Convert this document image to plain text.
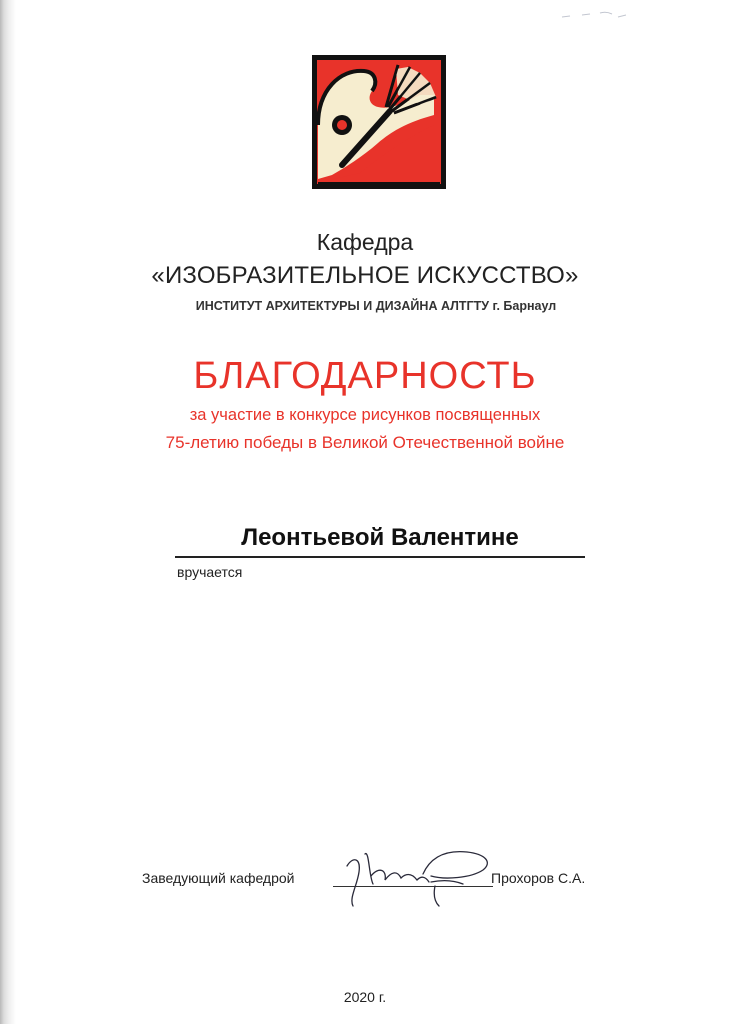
Кафедра
«ИЗОБРАЗИТЕЛЬНОЕ ИСКУССТВО»
ИНСТИТУТ АРХИТЕКТУРЫ И ДИЗАЙНА АЛТГТУ г. Барнаул
БЛАГОДАРНОСТЬ
за участие в конкурсе рисунков посвященных
75-летию победы в Великой Отечественной войне
Леонтьевой Валентине
вручается
Заведующий кафедрой	Прохоров С.А.
2020 г.
